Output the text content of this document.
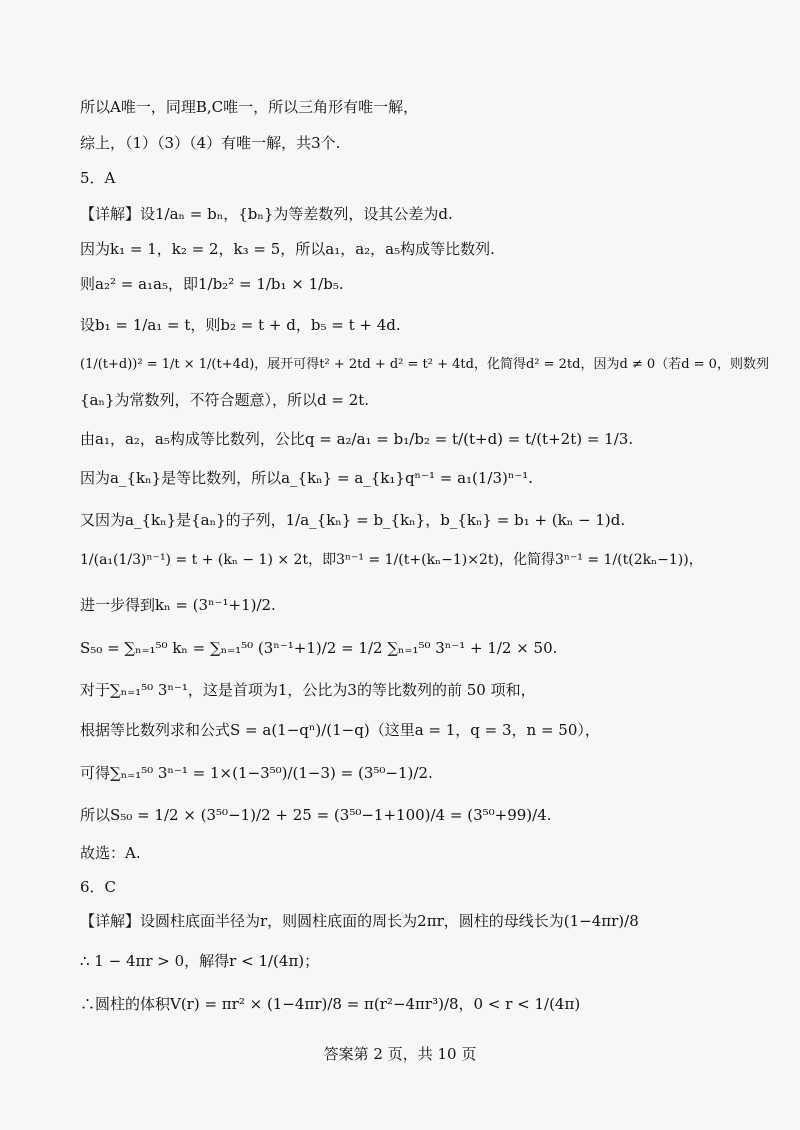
所以A唯一，同理B,C唯一，所以三角形有唯一解，
综上，（1）（3）（4）有唯一解，共3个.
5．A
【详解】设1/aₙ = bₙ，{bₙ}为等差数列，设其公差为d.
因为k₁ = 1，k₂ = 2，k₃ = 5，所以a₁，a₂，a₅构成等比数列.
则a₂² = a₁a₅，即1/b₂² = 1/b₁ × 1/b₅.
设b₁ = 1/a₁ = t，则b₂ = t + d，b₅ = t + 4d.
(1/(t+d))² = 1/t × 1/(t+4d)，展开可得t² + 2td + d² = t² + 4td，化简得d² = 2td，因为d ≠ 0（若d = 0，则数列
{aₙ}为常数列，不符合题意），所以d = 2t.
由a₁，a₂，a₅构成等比数列，公比q = a₂/a₁ = b₁/b₂ = t/(t+d) = t/(t+2t) = 1/3.
因为a_{kₙ}是等比数列，所以a_{kₙ} = a_{k₁}qⁿ⁻¹ = a₁(1/3)ⁿ⁻¹.
又因为a_{kₙ}是{aₙ}的子列，1/a_{kₙ} = b_{kₙ}，b_{kₙ} = b₁ + (kₙ − 1)d.
1/(a₁(1/3)ⁿ⁻¹) = t + (kₙ − 1) × 2t，即3ⁿ⁻¹ = 1/(t+(kₙ−1)×2t)，化简得3ⁿ⁻¹ = 1/(t(2kₙ−1))，
进一步得到kₙ = (3ⁿ⁻¹+1)/2.
S₅₀ = ∑ₙ₌₁⁵⁰ kₙ = ∑ₙ₌₁⁵⁰ (3ⁿ⁻¹+1)/2 = 1/2 ∑ₙ₌₁⁵⁰ 3ⁿ⁻¹ + 1/2 × 50.
对于∑ₙ₌₁⁵⁰ 3ⁿ⁻¹，这是首项为1，公比为3的等比数列的前 50 项和，
根据等比数列求和公式S = a(1−qⁿ)/(1−q)（这里a = 1，q = 3，n = 50），
可得∑ₙ₌₁⁵⁰ 3ⁿ⁻¹ = 1×(1−3⁵⁰)/(1−3) = (3⁵⁰−1)/2.
所以S₅₀ = 1/2 × (3⁵⁰−1)/2 + 25 = (3⁵⁰−1+100)/4 = (3⁵⁰+99)/4.
故选：A.
6．C
【详解】设圆柱底面半径为r，则圆柱底面的周长为2πr，圆柱的母线长为(1−4πr)/8
∴ 1 − 4πr > 0，解得r < 1/(4π)；
∴圆柱的体积V(r) = πr² × (1−4πr)/8 = π(r²−4πr³)/8，0 < r < 1/(4π)
答案第 2 页，共 10 页
